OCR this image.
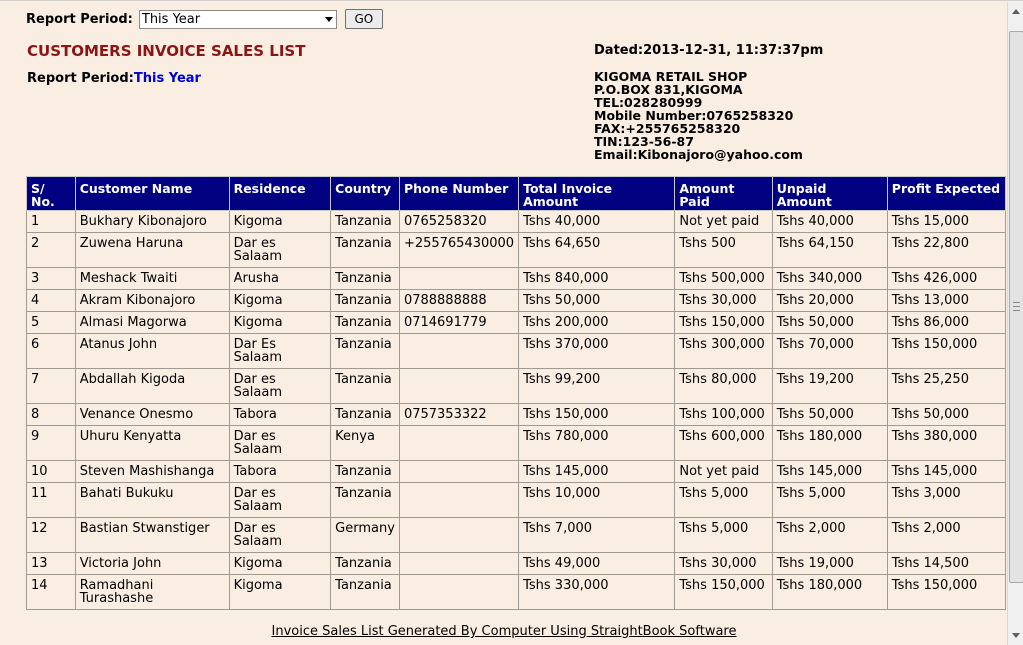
Report Period: This Year	GO
CUSTOMERS INVOICE SALES LIST
Report Period:This Year
Dated:2013-12-31, 11:37:37pm
KIGOMA RETAIL SHOP
P.O.BOX 831,KIGOMA
TEL:028280999
Mobile Number:0765258320
FAX:+255765258320
TIN:123-56-87
Email:Kibonajoro@yahoo.com
S/ No.	Customer Name	Residence	Country	Phone Number	Total Invoice Amount	Amount Paid	Unpaid Amount	Profit Expected
1	Bukhary Kibonajoro	Kigoma	Tanzania	0765258320	Tshs 40,000	Not yet paid	Tshs 40,000	Tshs 15,000
2	Zuwena Haruna	Dar es Salaam	Tanzania	+255765430000	Tshs 64,650	Tshs 500	Tshs 64,150	Tshs 22,800
3	Meshack Twaiti	Arusha	Tanzania		Tshs 840,000	Tshs 500,000	Tshs 340,000	Tshs 426,000
4	Akram Kibonajoro	Kigoma	Tanzania	0788888888	Tshs 50,000	Tshs 30,000	Tshs 20,000	Tshs 13,000
5	Almasi Magorwa	Kigoma	Tanzania	0714691779	Tshs 200,000	Tshs 150,000	Tshs 50,000	Tshs 86,000
6	Atanus John	Dar Es Salaam	Tanzania		Tshs 370,000	Tshs 300,000	Tshs 70,000	Tshs 150,000
7	Abdallah Kigoda	Dar es Salaam	Tanzania		Tshs 99,200	Tshs 80,000	Tshs 19,200	Tshs 25,250
8	Venance Onesmo	Tabora	Tanzania	0757353322	Tshs 150,000	Tshs 100,000	Tshs 50,000	Tshs 50,000
9	Uhuru Kenyatta	Dar es Salaam	Kenya		Tshs 780,000	Tshs 600,000	Tshs 180,000	Tshs 380,000
10	Steven Mashishanga	Tabora	Tanzania		Tshs 145,000	Not yet paid	Tshs 145,000	Tshs 145,000
11	Bahati Bukuku	Dar es Salaam	Tanzania		Tshs 10,000	Tshs 5,000	Tshs 5,000	Tshs 3,000
12	Bastian Stwanstiger	Dar es Salaam	Germany		Tshs 7,000	Tshs 5,000	Tshs 2,000	Tshs 2,000
13	Victoria John	Kigoma	Tanzania		Tshs 49,000	Tshs 30,000	Tshs 19,000	Tshs 14,500
14	Ramadhani Turashashe	Kigoma	Tanzania		Tshs 330,000	Tshs 150,000	Tshs 180,000	Tshs 150,000
Invoice Sales List Generated By Computer Using StraightBook Software
